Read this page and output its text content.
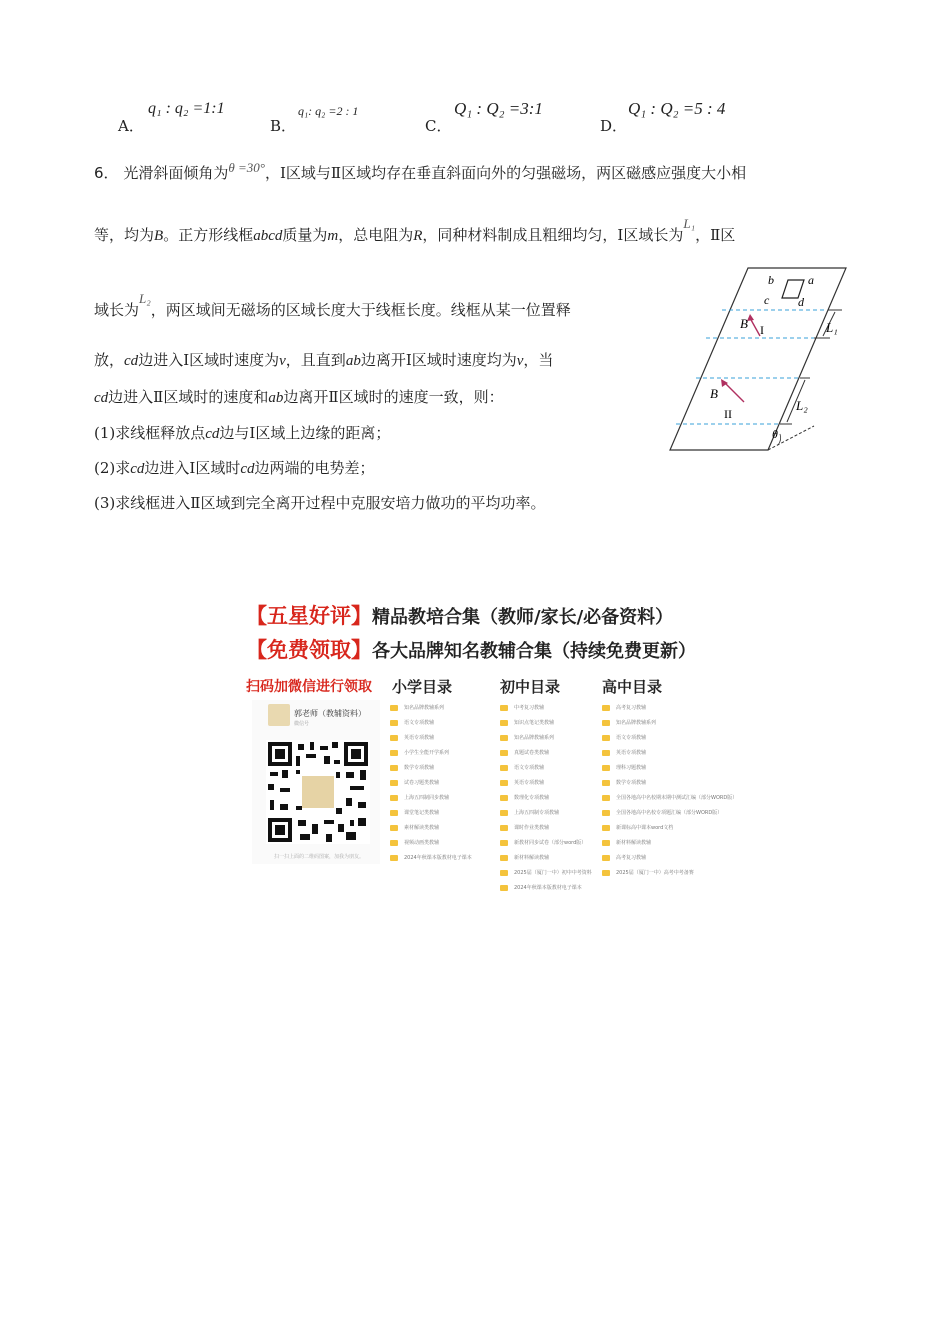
A．
q₁ : q₂ =1:1
B．
q₁: q₂ =2 : 1
C．
Q₁ : Q₂ =3:1
D．
Q₁ : Q₂ =5 : 4
6． 光滑斜面倾角为θ =30°，Ⅰ区域与Ⅱ区域均存在垂直斜面向外的匀强磁场，两区磁感应强度大小相
等，均为B。正方形线框abcd质量为m，总电阻为R，同种材料制成且粗细均匀，Ⅰ区域长为L₁，Ⅱ区
域长为L₂，两区域间无磁场的区域长度大于线框长度。线框从某一位置释
放，cd边进入Ⅰ区域时速度为v，且直到ab边离开Ⅰ区域时速度均为v，当
cd边进入Ⅱ区域时的速度和ab边离开Ⅱ区域时的速度一致，则：
(1)求线框释放点cd边与Ⅰ区域上边缘的距离；
(2)求cd边进入Ⅰ区域时cd边两端的电势差；
(3)求线框进入Ⅱ区域到完全离开过程中克服安培力做功的平均功率。
b	a
c d
B I
B
II
L₁
L₂
θ
【五星好评】精品教培合集（教师/家长/必备资料）
【免费领取】各大品牌知名教辅合集（持续免费更新）
扫码加微信进行领取
郭老师（教辅资料）
微信号
扫一扫上面的二维码图案，加我为朋友。
小学目录	初中目录	高中目录
知名品牌教辅系列
语文专项教辅
英语专项教辅
小学生全能开学系列
数学专项教辅
试卷习题类教辅
上海五四制同步教辅
课堂笔记类教辅
素材解读类教辅
视频动画类教辅
2024年秋课本版教材电子课本
中考复习教辅
知识点笔记类教辅
知名品牌教辅系列
真题试卷类教辅
语文专项教辅
英语专项教辅
数理化专项教辅
上海五四制专项教辅
课时作业类教辅
新教材同步试卷（部分word版）
新材料解读教辅
2025届（厦门一中）初中中考资料
2024年秋课本版教材电子课本
高考复习教辅
知名品牌教辅系列
语文专项教辅
英语专项教辅
理科习题教辅
数学专项教辅
全国各地高中名校期末期中测试汇编（部分WORD版）
全国各地高中名校专项题汇编（部分WORD版）
新课标高中课本word文档
新材料解读教辅
高考复习教辅
2025届（厦门一中）高考中考备赛
